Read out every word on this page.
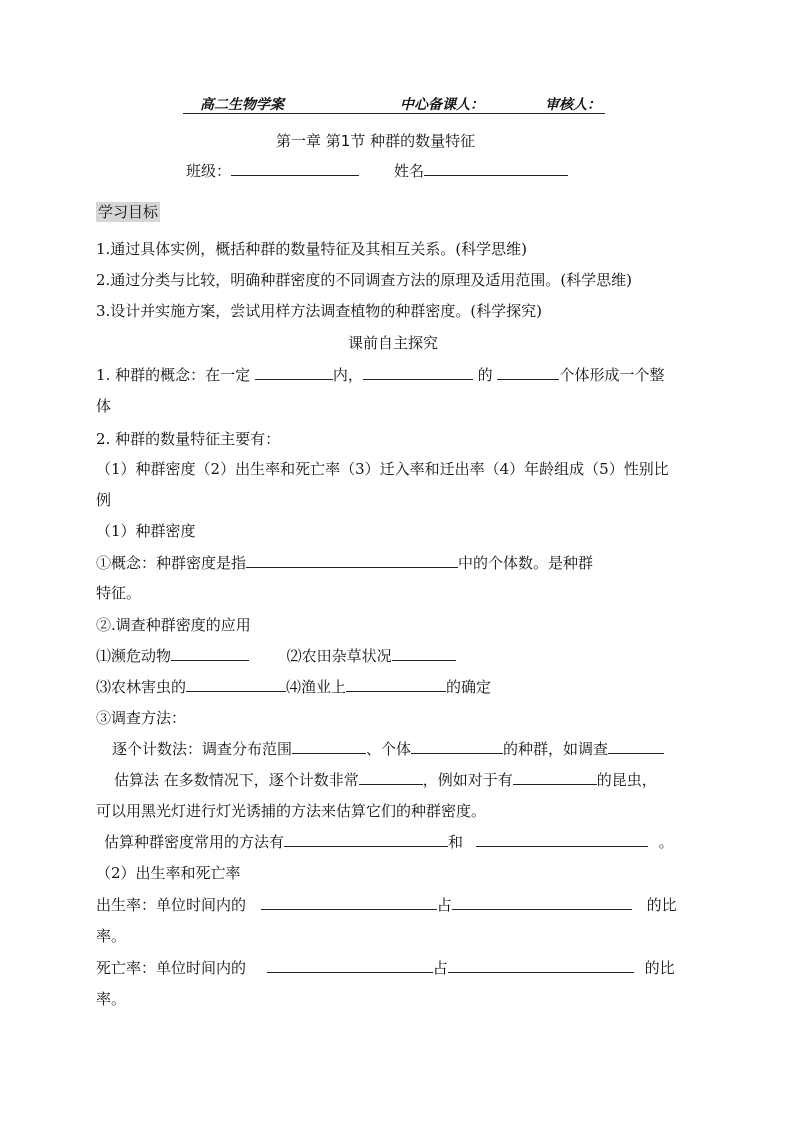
高二生物学案	中心备课人：	审核人：
第一章 第1节 种群的数量特征
班级：	姓名
学习目标
1.通过具体实例，概括种群的数量特征及其相互关系。(科学思维)
2.通过分类与比较，明确种群密度的不同调查方法的原理及适用范围。(科学思维)
3.设计并实施方案，尝试用样方法调查植物的种群密度。(科学探究)
课前自主探究
1. 种群的概念：在一定	内，	的	个体形成一个整
体
2. 种群的数量特征主要有：
（1）种群密度（2）出生率和死亡率（3）迁入率和迁出率（4）年龄组成（5）性别比
例
（1）种群密度
①概念：种群密度是指	中的个体数。是种群
特征。
②.调查种群密度的应用
⑴濒危动物	⑵农田杂草状况
⑶农林害虫的	⑷渔业上	的确定
③调查方法：
逐个计数法：调查分布范围	、个体	的种群，如调查
估算法 在多数情况下，逐个计数非常	，例如对于有	的昆虫，
可以用黑光灯进行灯光诱捕的方法来估算它们的种群密度。
估算种群密度常用的方法有	和	。
（2）出生率和死亡率
出生率：单位时间内的	占	的比
率。
死亡率：单位时间内的	占	的比
率。
